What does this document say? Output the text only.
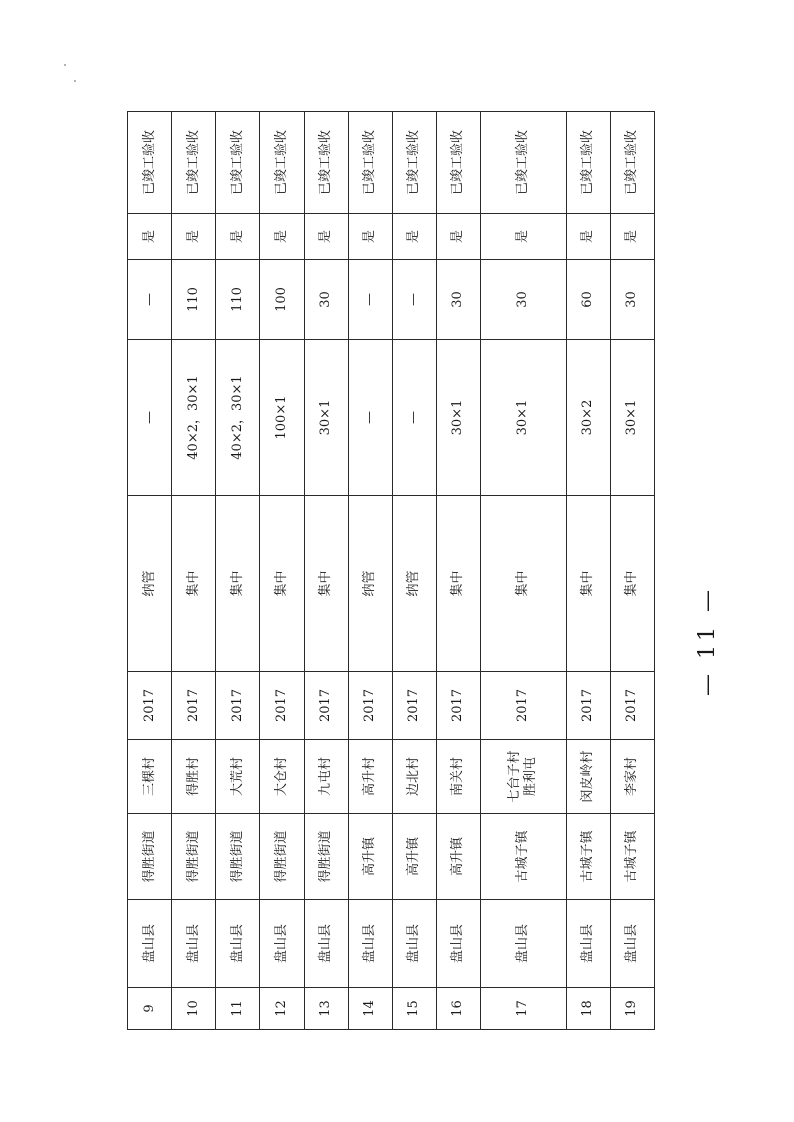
9	盘山县	得胜街道	三棵村	2017	纳管	—	—	是	已竣工验收
10	盘山县	得胜街道	得胜村	2017	集中	40×2，30×1	110	是	已竣工验收
11	盘山县	得胜街道	大荒村	2017	集中	40×2，30×1	110	是	已竣工验收
12	盘山县	得胜街道	大仓村	2017	集中	100×1	100	是	已竣工验收
13	盘山县	得胜街道	九屯村	2017	集中	30×1	30	是	已竣工验收
14	盘山县	高升镇	高升村	2017	纳管	—	—	是	已竣工验收
15	盘山县	高升镇	边北村	2017	纳管	—	—	是	已竣工验收
16	盘山县	高升镇	南关村	2017	集中	30×1	30	是	已竣工验收
17	盘山县	古城子镇	七台子村 胜利屯	2017	集中	30×1	30	是	已竣工验收
18	盘山县	古城子镇	闵皮岭村	2017	集中	30×2	60	是	已竣工验收
19	盘山县	古城子镇	李家村	2017	集中	30×1	30	是	已竣工验收
— 11 —
